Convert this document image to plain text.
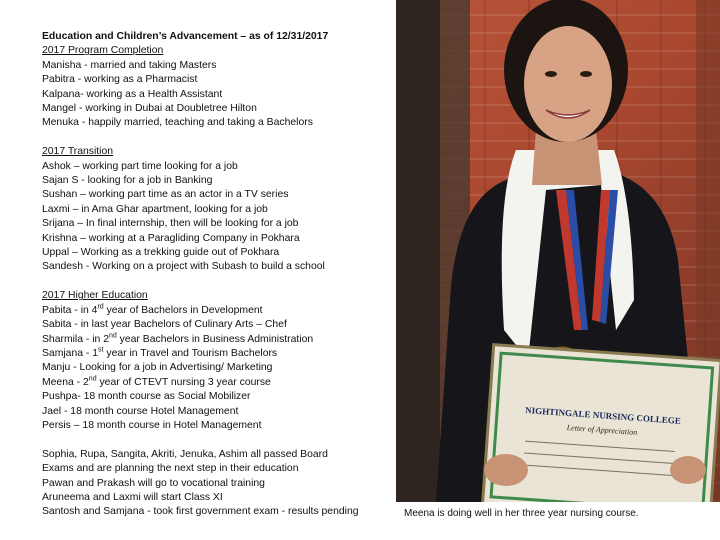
Education and Children’s Advancement – as of 12/31/2017
2017 Program Completion
Manisha - married and taking Masters
Pabitra - working as a Pharmacist
Kalpana- working as a Health Assistant
Mangel - working in Dubai at Doubletree Hilton
Menuka - happily married, teaching and taking a Bachelors
2017 Transition
Ashok – working part time looking for a job
Sajan S - looking for a job in Banking
Sushan – working part time as an actor in a TV series
Laxmi – in Ama Ghar apartment, looking for a job
Srijana – In final internship, then will be looking for a job
Krishna – working at a Paragliding Company in Pokhara
Uppal – Working as a trekking guide out of Pokhara
Sandesh - Working on a project with Subash to build a school
2017 Higher Education
Pabita - in 4rd year of Bachelors in Development
Sabita - in last year Bachelors of Culinary Arts – Chef
Sharmila - in 2nd year Bachelors in Business Administration
Samjana - 1st year in Travel and Tourism Bachelors
Manju - Looking for a job in Advertising/ Marketing
Meena - 2nd year of CTEVT nursing 3 year course
Pushpa- 18 month course as Social Mobilizer
Jael - 18 month course Hotel Management
Persis – 18 month course in Hotel Management
Sophia, Rupa, Sangita, Akriti, Jenuka, Ashim all passed Board
Exams and are planning the next step in their education
Pawan and Prakash will go to vocational training
Aruneema and Laxmi will start Class XI
Santosh and Samjana - took first government exam - results pending
NIGHTINGALE NURSING COLLEGE
Letter of Appreciation
Meena is doing well in her three year nursing course.
